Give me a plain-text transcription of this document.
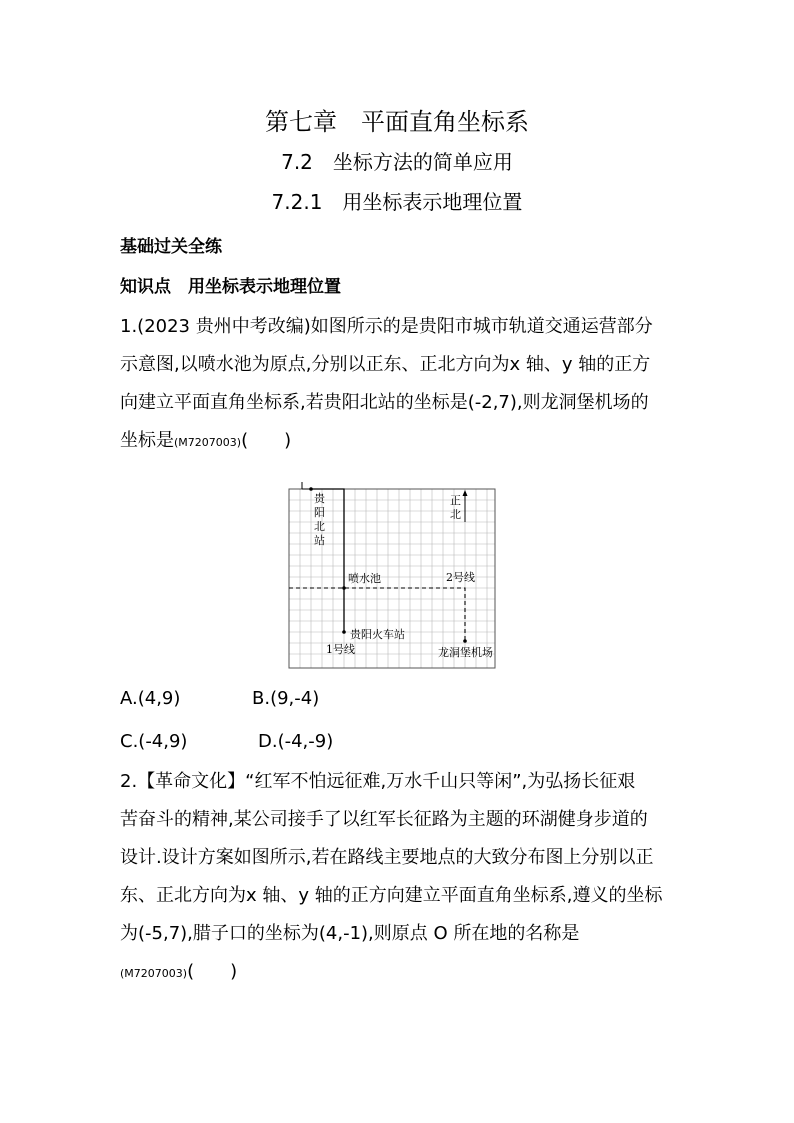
第七章　平面直角坐标系
7.2　坐标方法的简单应用
7.2.1　用坐标表示地理位置
基础过关全练
知识点　用坐标表示地理位置
1.(2023 贵州中考改编)如图所示的是贵阳市城市轨道交通运营部分
示意图,以喷水池为原点,分别以正东、正北方向为x 轴、y 轴的正方
向建立平面直角坐标系,若贵阳北站的坐标是(-2,7),则龙洞堡机场的
坐标是(M7207003)(　　)
正北
贵阳北站
喷水池	2号线
贵阳火车站
1号线	龙洞堡机场
A.(4,9)	B.(9,-4)
C.(-4,9)	D.(-4,-9)
2.【革命文化】“红军不怕远征难,万水千山只等闲”,为弘扬长征艰
苦奋斗的精神,某公司接手了以红军长征路为主题的环湖健身步道的
设计.设计方案如图所示,若在路线主要地点的大致分布图上分别以正
东、正北方向为x 轴、y 轴的正方向建立平面直角坐标系,遵义的坐标
为(-5,7),腊子口的坐标为(4,-1),则原点 O 所在地的名称是
(M7207003)(　　)
